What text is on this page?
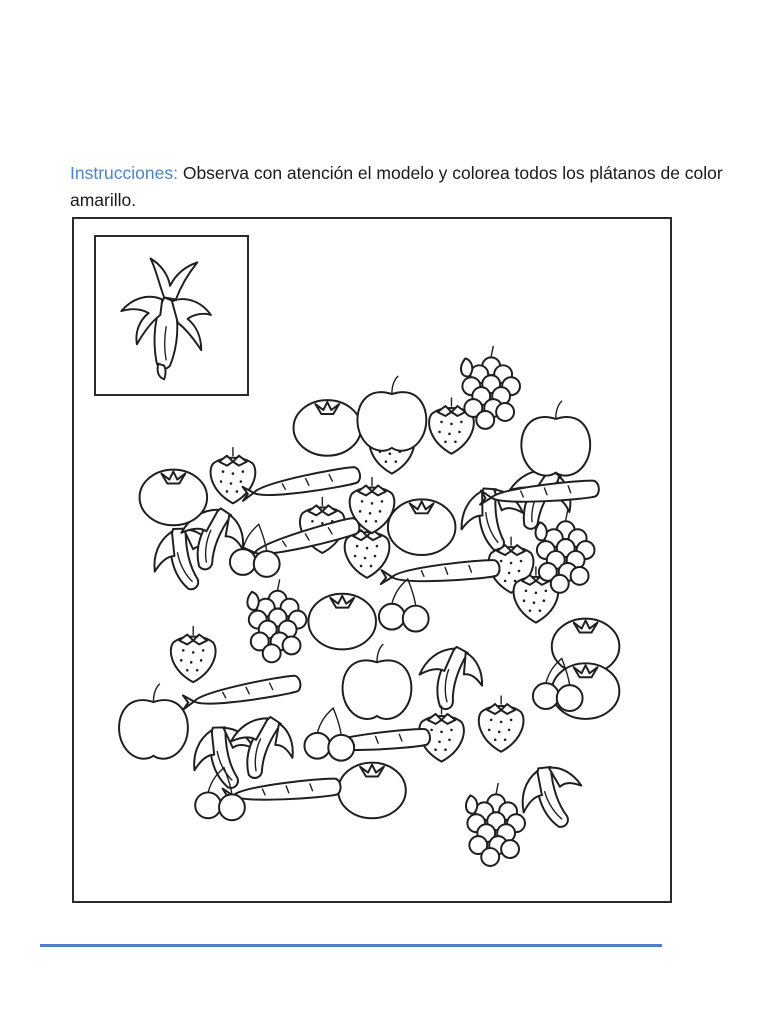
Instrucciones: Observa con atención el modelo y colorea todos los plátanos de color amarillo.
